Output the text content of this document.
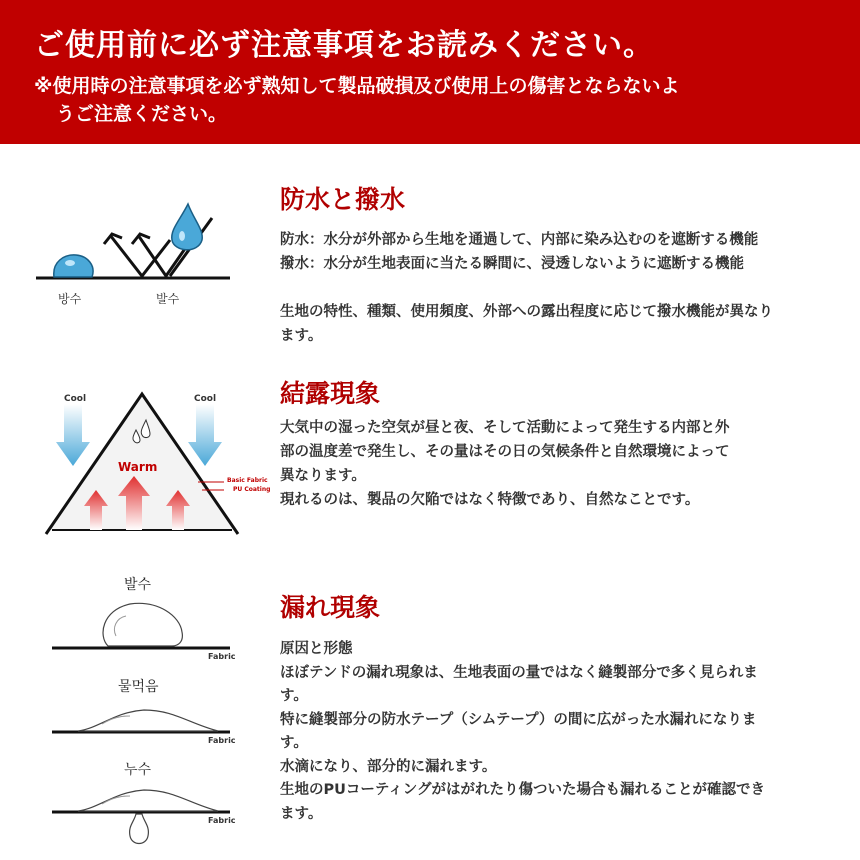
ご使用前に必ず注意事項をお読みください。
※使用時の注意事項を必ず熟知して製品破損及び使用上の傷害とならないよ
うご注意ください。
방수	발수
防水と撥水
防水：水分が外部から生地を通過して、内部に染み込むのを遮断する機能
撥水：水分が生地表面に当たる瞬間に、浸透しないように遮断する機能
生地の特性、種類、使用頻度、外部への露出程度に応じて撥水機能が異なり
ます。
Cool	Cool
Warm
Basic Fabric
PU Coating
結露現象
大気中の湿った空気が昼と夜、そして活動によって発生する内部と外
部の温度差で発生し、その量はその日の気候条件と自然環境によって
異なります。
現れるのは、製品の欠陥ではなく特徴であり、自然なことです。
발수
Fabric
물먹음
Fabric
누수
Fabric
漏れ現象
原因と形態
ほぼテンドの漏れ現象は、生地表面の量ではなく縫製部分で多く見られま
す。
特に縫製部分の防水テープ（シムテープ）の間に広がった水漏れになりま
す。
水滴になり、部分的に漏れます。
生地のPUコーティングがはがれたり傷ついた場合も漏れることが確認でき
ます。
